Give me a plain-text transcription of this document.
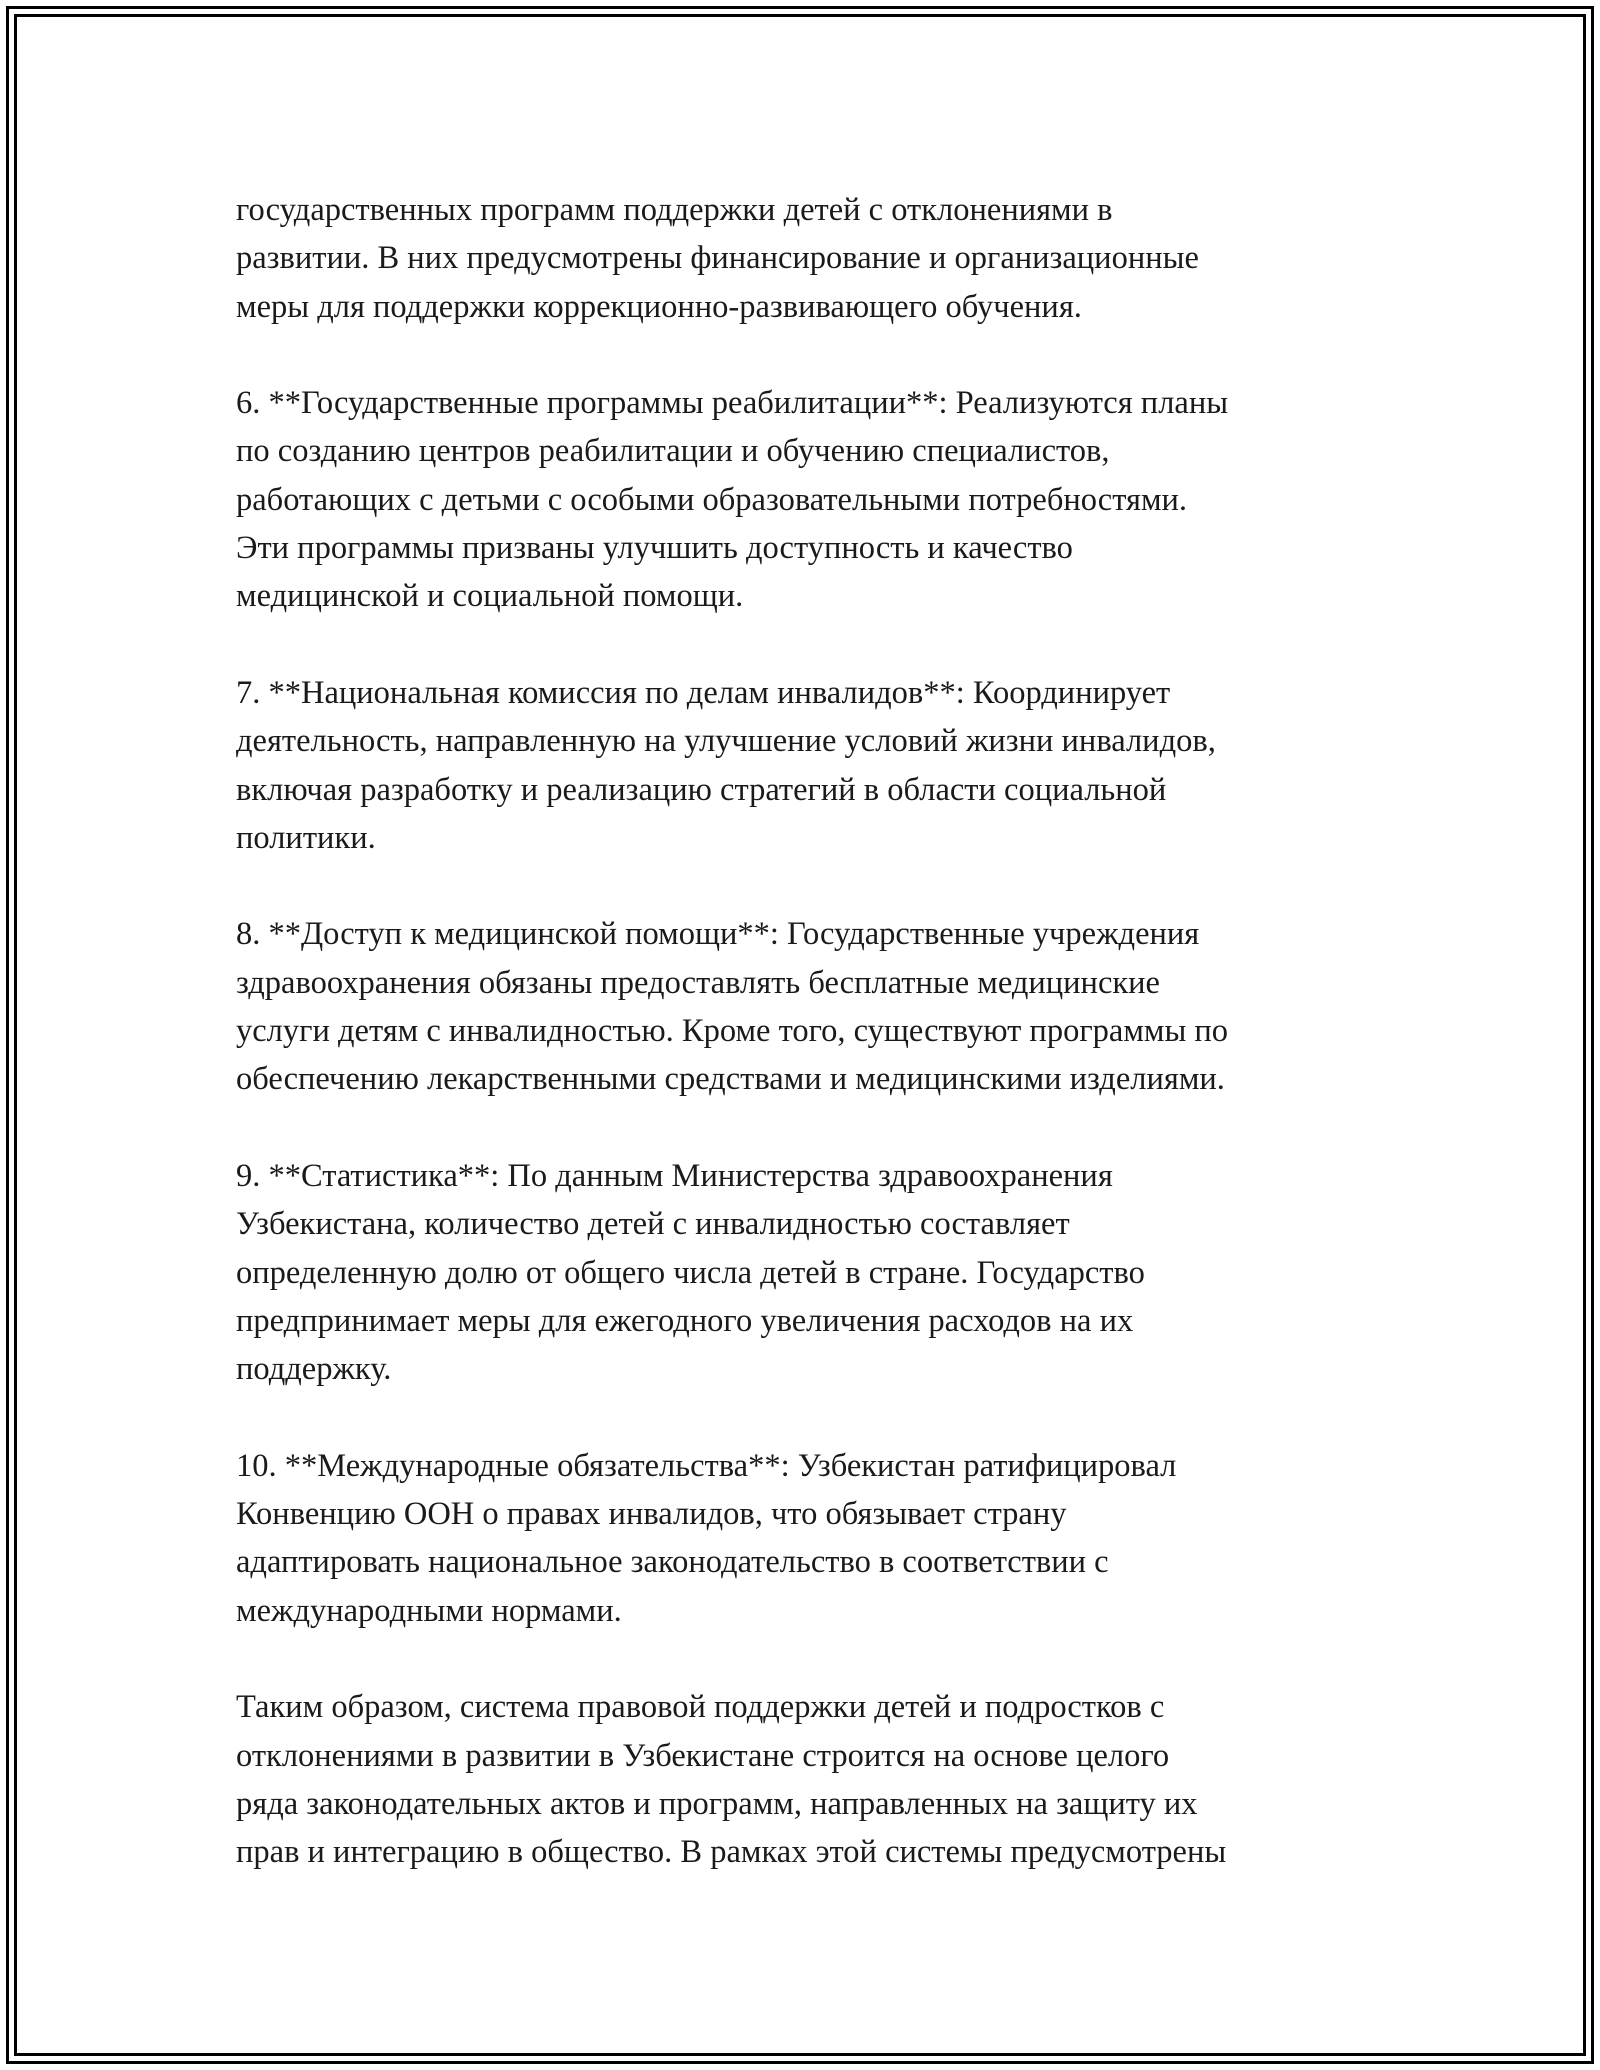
государственных программ поддержки детей с отклонениями в
развитии. В них предусмотрены финансирование и организационные
меры для поддержки коррекционно-развивающего обучения.

6. **Государственные программы реабилитации**: Реализуются планы
по созданию центров реабилитации и обучению специалистов,
работающих с детьми с особыми образовательными потребностями.
Эти программы призваны улучшить доступность и качество
медицинской и социальной помощи.

7. **Национальная комиссия по делам инвалидов**: Координирует
деятельность, направленную на улучшение условий жизни инвалидов,
включая разработку и реализацию стратегий в области социальной
политики.

8. **Доступ к медицинской помощи**: Государственные учреждения
здравоохранения обязаны предоставлять бесплатные медицинские
услуги детям с инвалидностью. Кроме того, существуют программы по
обеспечению лекарственными средствами и медицинскими изделиями.

9. **Статистика**: По данным Министерства здравоохранения
Узбекистана, количество детей с инвалидностью составляет
определенную долю от общего числа детей в стране. Государство
предпринимает меры для ежегодного увеличения расходов на их
поддержку.

10. **Международные обязательства**: Узбекистан ратифицировал
Конвенцию ООН о правах инвалидов, что обязывает страну
адаптировать национальное законодательство в соответствии с
международными нормами.

Таким образом, система правовой поддержки детей и подростков с
отклонениями в развитии в Узбекистане строится на основе целого
ряда законодательных актов и программ, направленных на защиту их
прав и интеграцию в общество. В рамках этой системы предусмотрены
